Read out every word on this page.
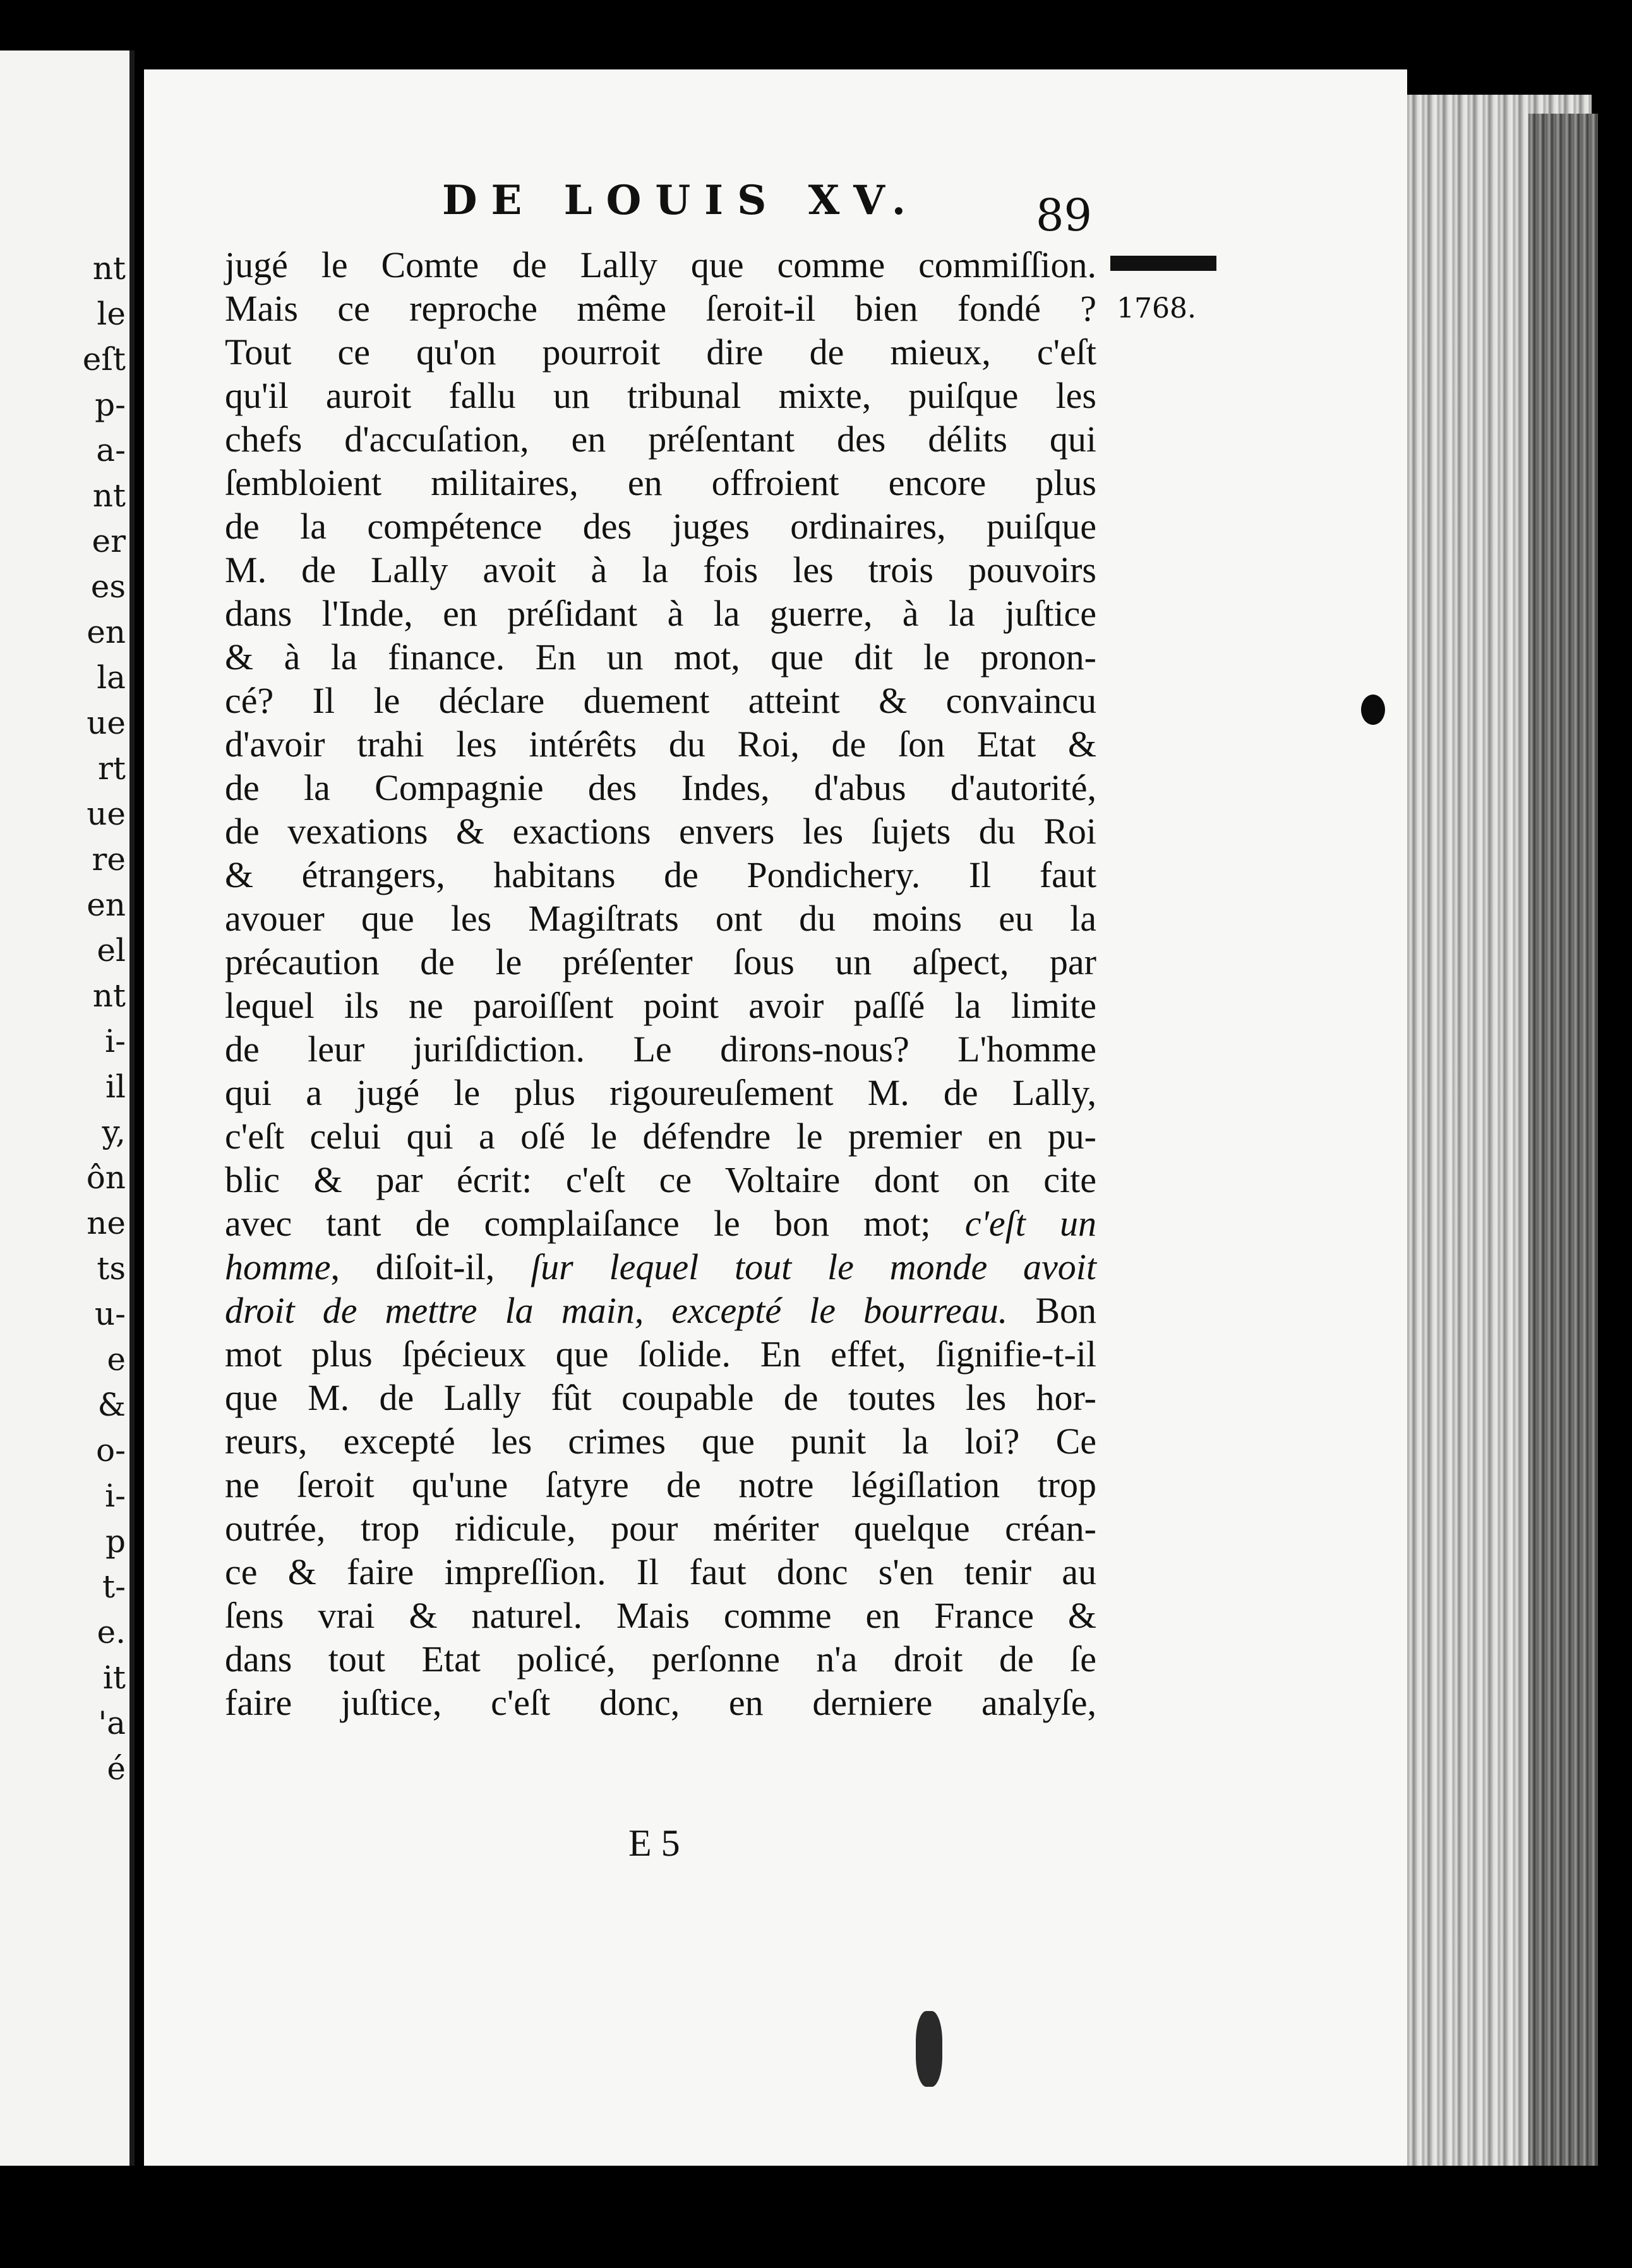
nt
le
eſt
p-
a-
nt
er
es
en
la
ue
rt
ue
re
en
el
nt
i-
il
y,
ôn
ne
ts
u-
e
&
o-
i-
p
t-
e.
it
'a
é
DE LOUIS XV.	89
1768.
jugé le Comte de Lally que comme commiſſion.
Mais ce reproche même ſeroit-il bien fondé ?
Tout ce qu'on pourroit dire de mieux, c'eſt
qu'il auroit fallu un tribunal mixte, puiſque les
chefs d'accuſation, en préſentant des délits qui
ſembloient militaires, en offroient encore plus
de la compétence des juges ordinaires, puiſque
M. de Lally avoit à la fois les trois pouvoirs
dans l'Inde, en préſidant à la guerre, à la juſtice
& à la finance. En un mot, que dit le pronon-
cé? Il le déclare duement atteint & convaincu
d'avoir trahi les intérêts du Roi, de ſon Etat &
de la Compagnie des Indes, d'abus d'autorité,
de vexations & exactions envers les ſujets du Roi
& étrangers, habitans de Pondichery. Il faut
avouer que les Magiſtrats ont du moins eu la
précaution de le préſenter ſous un aſpect, par
lequel ils ne paroiſſent point avoir paſſé la limite
de leur juriſdiction. Le dirons-nous? L'homme
qui a jugé le plus rigoureuſement M. de Lally,
c'eſt celui qui a oſé le défendre le premier en pu-
blic & par écrit: c'eſt ce Voltaire dont on cite
avec tant de complaiſance le bon mot; c'eſt un
homme, diſoit-il, ſur lequel tout le monde avoit
droit de mettre la main, excepté le bourreau. Bon
mot plus ſpécieux que ſolide. En effet, ſignifie-t-il
que M. de Lally fût coupable de toutes les hor-
reurs, excepté les crimes que punit la loi? Ce
ne ſeroit qu'une ſatyre de notre légiſlation trop
outrée, trop ridicule, pour mériter quelque créan-
ce & faire impreſſion. Il faut donc s'en tenir au
ſens vrai & naturel. Mais comme en France &
dans tout Etat policé, perſonne n'a droit de ſe
faire juſtice, c'eſt donc, en derniere analyſe,
E 5
